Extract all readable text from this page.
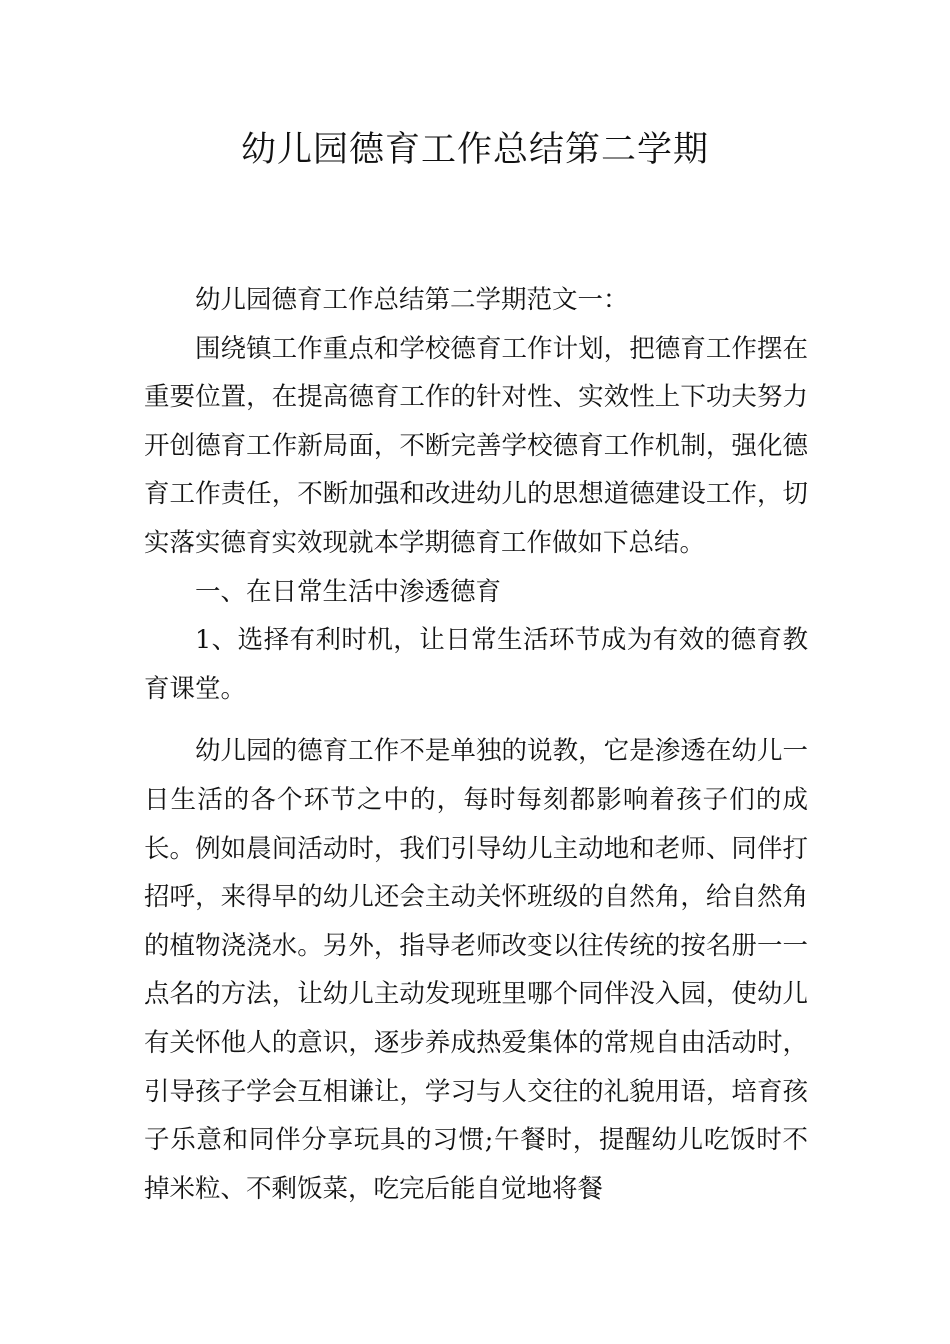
幼儿园德育工作总结第二学期

幼儿园德育工作总结第二学期范文一：

围绕镇工作重点和学校德育工作计划，把德育工作摆在重要位置，在提高德育工作的针对性、实效性上下功夫努力开创德育工作新局面，不断完善学校德育工作机制，强化德育工作责任，不断加强和改进幼儿的思想道德建设工作，切实落实德育实效现就本学期德育工作做如下总结。

一、在日常生活中渗透德育

1、选择有利时机，让日常生活环节成为有效的德育教育课堂。

幼儿园的德育工作不是单独的说教，它是渗透在幼儿一日生活的各个环节之中的，每时每刻都影响着孩子们的成长。例如晨间活动时，我们引导幼儿主动地和老师、同伴打招呼，来得早的幼儿还会主动关怀班级的自然角，给自然角的植物浇浇水。另外，指导老师改变以往传统的按名册一一点名的方法，让幼儿主动发现班里哪个同伴没入园，使幼儿有关怀他人的意识，逐步养成热爱集体的常规自由活动时，引导孩子学会互相谦让，学习与人交往的礼貌用语，培育孩子乐意和同伴分享玩具的习惯;午餐时，提醒幼儿吃饭时不掉米粒、不剩饭菜，吃完后能自觉地将餐
